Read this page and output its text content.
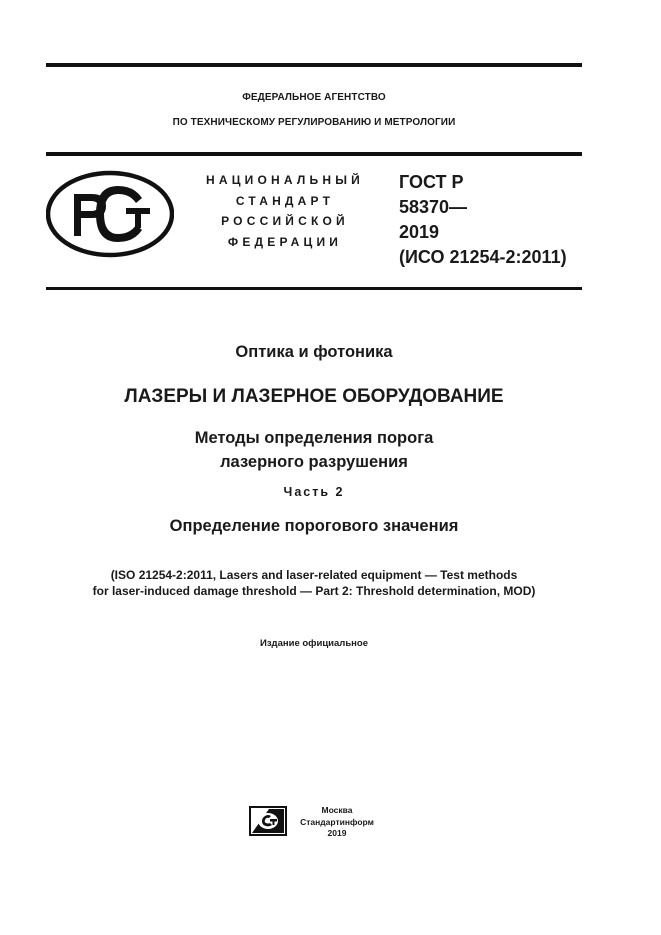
ФЕДЕРАЛЬНОЕ АГЕНТСТВО
ПО ТЕХНИЧЕСКОМУ РЕГУЛИРОВАНИЮ И МЕТРОЛОГИИ
НАЦИОНАЛЬНЫЙ
СТАНДАРТ
РОССИЙСКОЙ
ФЕДЕРАЦИИ
ГОСТ Р
58370—
2019
(ИСО 21254-2:2011)
Оптика и фотоника
ЛАЗЕРЫ И ЛАЗЕРНОЕ ОБОРУДОВАНИЕ
Методы определения порога
лазерного разрушения
Часть 2
Определение порогового значения
(ISO 21254-2:2011, Lasers and laser-related equipment — Test methods
for laser-induced damage threshold — Part 2: Threshold determination, MOD)
Издание официальное
Москва
Стандартинформ
2019
